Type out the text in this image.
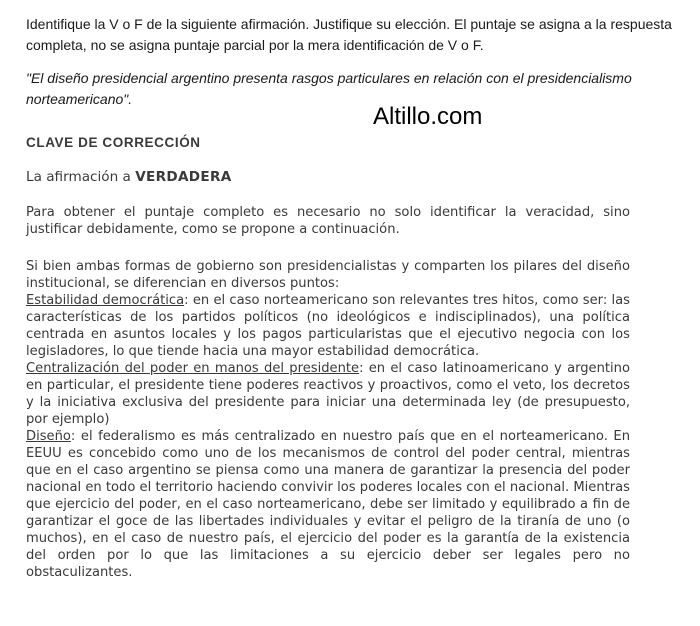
Identifique la V o F de la siguiente afirmación. Justifique su elección. El puntaje se asigna a la respuesta completa, no se asigna puntaje parcial por la mera identificación de V o F.

"El diseño presidencial argentino presenta rasgos particulares en relación con el presidencialismo norteamericano".

CLAVE DE CORRECCIÓN

La afirmación a VERDADERA

Para obtener el puntaje completo es necesario no solo identificar la veracidad, sino justificar debidamente, como se propone a continuación.

Si bien ambas formas de gobierno son presidencialistas y comparten los pilares del diseño institucional, se diferencian en diversos puntos:
Estabilidad democrática: en el caso norteamericano son relevantes tres hitos, como ser: las características de los partidos políticos (no ideológicos e indisciplinados), una política centrada en asuntos locales y los pagos particularistas que el ejecutivo negocia con los legisladores, lo que tiende hacia una mayor estabilidad democrática.
Centralización del poder en manos del presidente: en el caso latinoamericano y argentino en particular, el presidente tiene poderes reactivos y proactivos, como el veto, los decretos y la iniciativa exclusiva del presidente para iniciar una determinada ley (de presupuesto, por ejemplo)
Diseño: el federalismo es más centralizado en nuestro país que en el norteamericano. En EEUU es concebido como uno de los mecanismos de control del poder central, mientras que en el caso argentino se piensa como una manera de garantizar la presencia del poder nacional en todo el territorio haciendo convivir los poderes locales con el nacional. Mientras que ejercicio del poder, en el caso norteamericano, debe ser limitado y equilibrado a fin de garantizar el goce de las libertades individuales y evitar el peligro de la tiranía de uno (o muchos), en el caso de nuestro país, el ejercicio del poder es la garantía de la existencia del orden por lo que las limitaciones a su ejercicio deber ser legales pero no obstaculizantes.
Altillo.com
